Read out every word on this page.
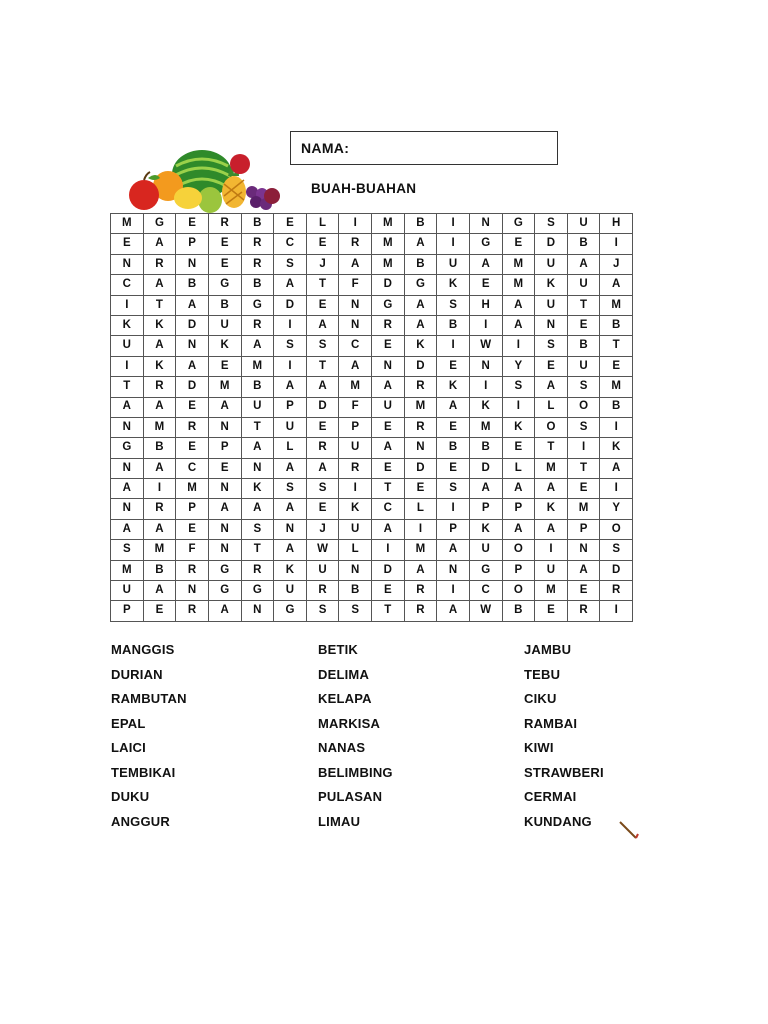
NAMA:
BUAH-BUAHAN
M	G	E	R	B	E	L	I	M	B	I	N	G	S	U	H
E	A	P	E	R	C	E	R	M	A	I	G	E	D	B	I
N	R	N	E	R	S	J	A	M	B	U	A	M	U	A	J
C	A	B	G	B	A	T	F	D	G	K	E	M	K	U	A
I	T	A	B	G	D	E	N	G	A	S	H	A	U	T	M
K	K	D	U	R	I	A	N	R	A	B	I	A	N	E	B
U	A	N	K	A	S	S	C	E	K	I	W	I	S	B	T
I	K	A	E	M	I	T	A	N	D	E	N	Y	E	U	E
T	R	D	M	B	A	A	M	A	R	K	I	S	A	S	M
A	A	E	A	U	P	D	F	U	M	A	K	I	L	O	B
N	M	R	N	T	U	E	P	E	R	E	M	K	O	S	I
G	B	E	P	A	L	R	U	A	N	B	B	E	T	I	K
N	A	C	E	N	A	A	R	E	D	E	D	L	M	T	A
A	I	M	N	K	S	S	I	T	E	S	A	A	A	E	I
N	R	P	A	A	A	E	K	C	L	I	P	P	K	M	Y
A	A	E	N	S	N	J	U	A	I	P	K	A	A	P	O
S	M	F	N	T	A	W	L	I	M	A	U	O	I	N	S
M	B	R	G	R	K	U	N	D	A	N	G	P	U	A	D
U	A	N	G	G	U	R	B	E	R	I	C	O	M	E	R
P	E	R	A	N	G	S	S	T	R	A	W	B	E	R	I
MANGGIS
DURIAN
RAMBUTAN
EPAL
LAICI
TEMBIKAI
DUKU
ANGGUR
BETIK
DELIMA
KELAPA
MARKISA
NANAS
BELIMBING
PULASAN
LIMAU
JAMBU
TEBU
CIKU
RAMBAI
KIWI
STRAWBERI
CERMAI
KUNDANG
